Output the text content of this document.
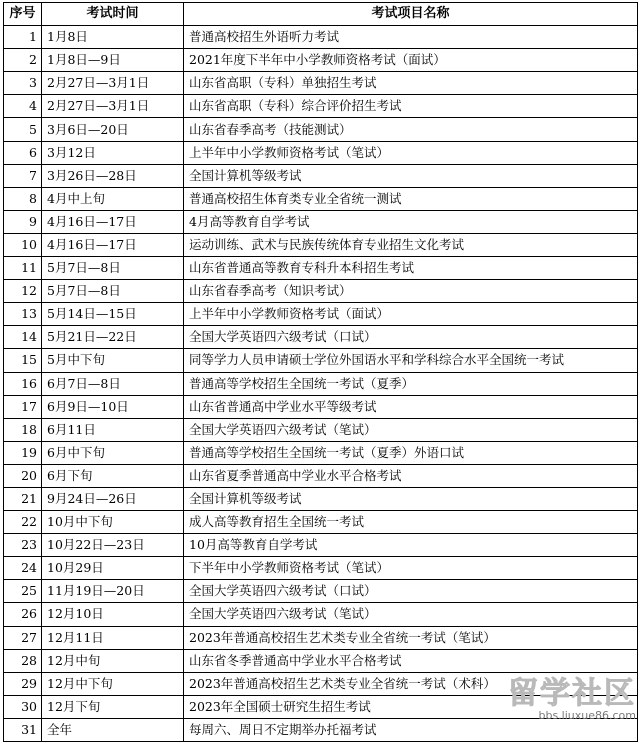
序号	考试时间	考试项目名称
1	1月8日	普通高校招生外语听力考试
2	1月8日—9日	2021年度下半年中小学教师资格考试（面试）
3	2月27日—3月1日	山东省高职（专科）单独招生考试
4	2月27日—3月1日	山东省高职（专科）综合评价招生考试
5	3月6日—20日	山东省春季高考（技能测试）
6	3月12日	上半年中小学教师资格考试（笔试）
7	3月26日—28日	全国计算机等级考试
8	4月中上旬	普通高校招生体育类专业全省统一测试
9	4月16日—17日	4月高等教育自学考试
10	4月16日—17日	运动训练、武术与民族传统体育专业招生文化考试
11	5月7日—8日	山东省普通高等教育专科升本科招生考试
12	5月7日—8日	山东省春季高考（知识考试）
13	5月14日—15日	上半年中小学教师资格考试（面试）
14	5月21日—22日	全国大学英语四六级考试（口试）
15	5月中下旬	同等学力人员申请硕士学位外国语水平和学科综合水平全国统一考试
16	6月7日—8日	普通高等学校招生全国统一考试（夏季）
17	6月9日—10日	山东省普通高中学业水平等级考试
18	6月11日	全国大学英语四六级考试（笔试）
19	6月中下旬	普通高等学校招生全国统一考试（夏季）外语口试
20	6月下旬	山东省夏季普通高中学业水平合格考试
21	9月24日—26日	全国计算机等级考试
22	10月中下旬	成人高等教育招生全国统一考试
23	10月22日—23日	10月高等教育自学考试
24	10月29日	下半年中小学教师资格考试（笔试）
25	11月19日—20日	全国大学英语四六级考试（口试）
26	12月10日	全国大学英语四六级考试（笔试）
27	12月11日	2023年普通高校招生艺术类专业全省统一考试（笔试）
28	12月中旬	山东省冬季普通高中学业水平合格考试
29	12月中下旬	2023年普通高校招生艺术类专业全省统一考试（术科）
30	12月下旬	2023年全国硕士研究生招生考试
31	全年	每周六、周日不定期举办托福考试
留学社区
bbs.liuxue86.com
